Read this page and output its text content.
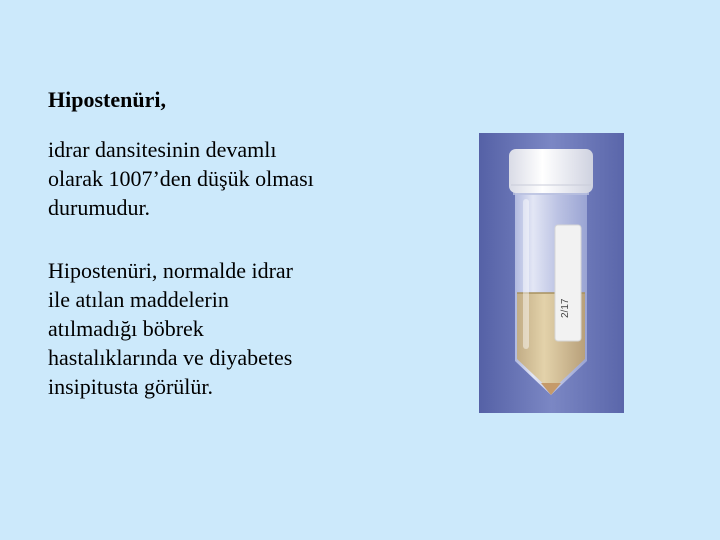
Hipostenüri,
idrar dansitesinin devamlı
olarak 1007’den düşük olması
durumudur.
Hipostenüri, normalde idrar
ile atılan maddelerin
atılmadığı böbrek
hastalıklarında ve diyabetes
insipitusta görülür.
2/17
